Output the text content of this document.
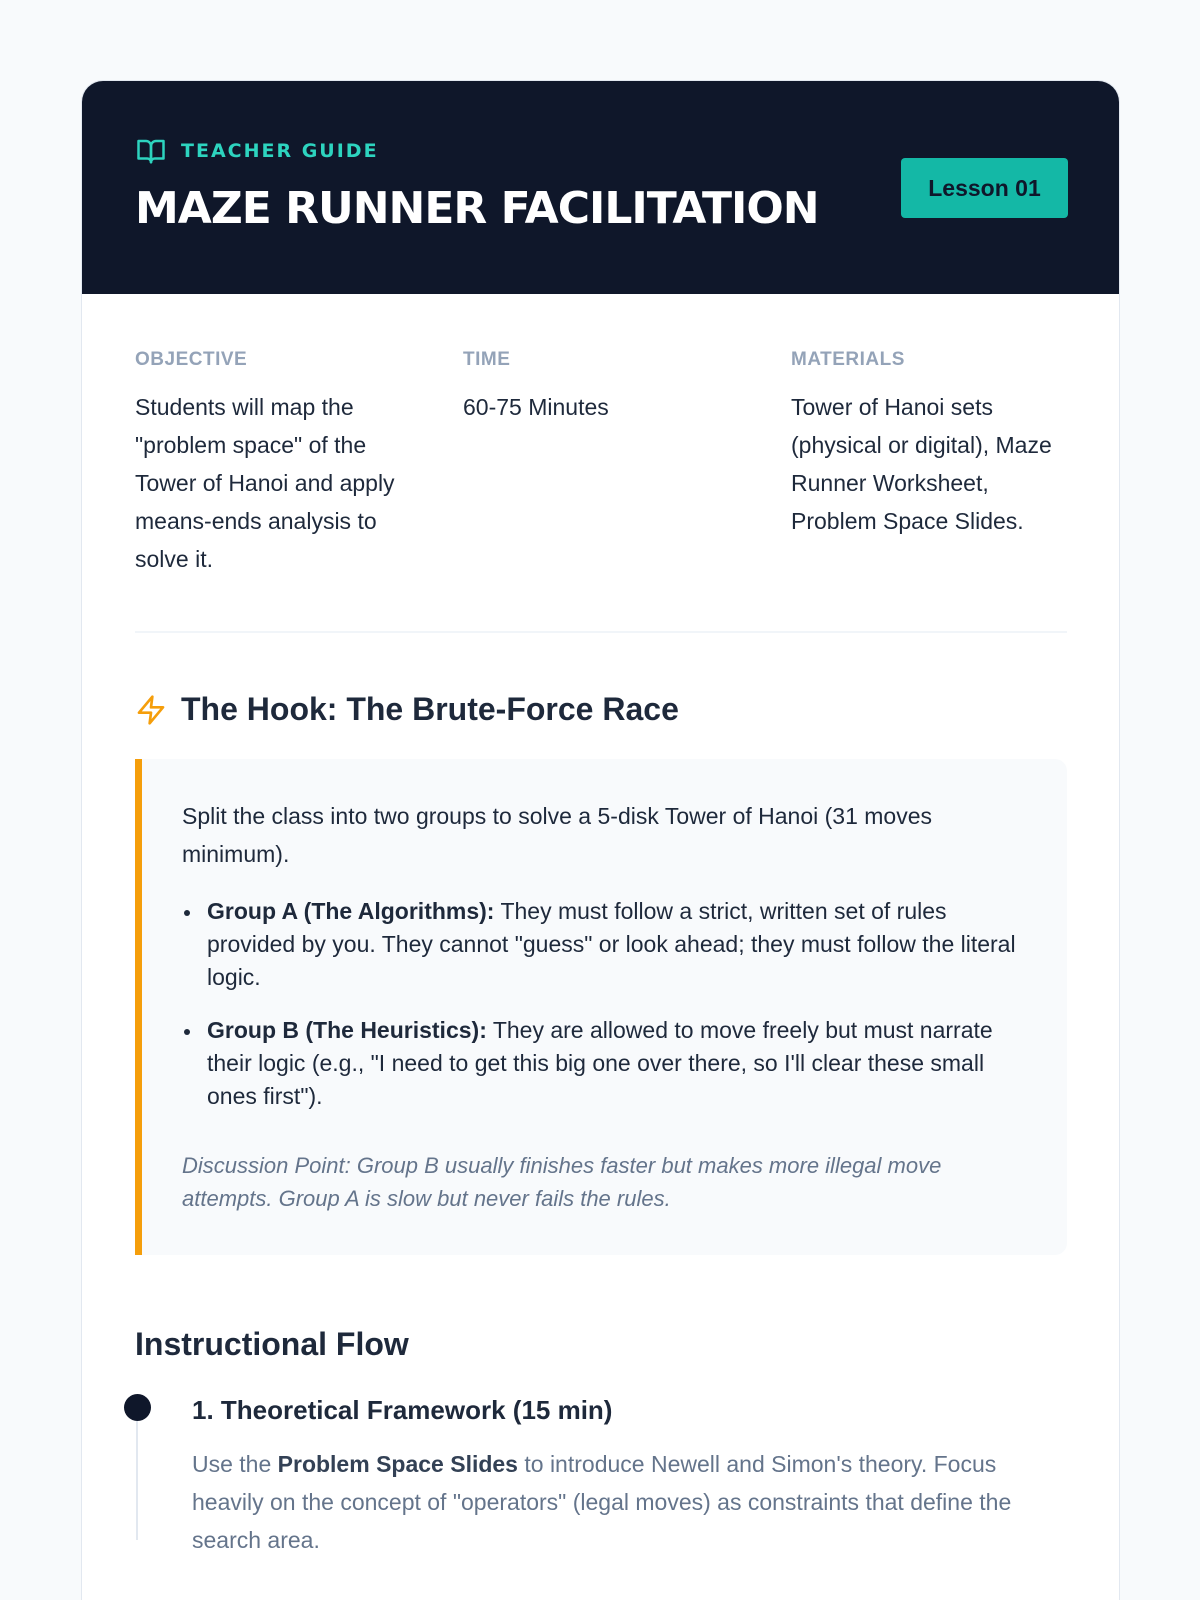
TEACHER GUIDE
MAZE RUNNER FACILITATION	Lesson 01
OBJECTIVE
Students will map the "problem space" of the Tower of Hanoi and apply means-ends analysis to solve it.
TIME
60-75 Minutes
MATERIALS
Tower of Hanoi sets (physical or digital), Maze Runner Worksheet, Problem Space Slides.
The Hook: The Brute-Force Race

Split the class into two groups to solve a 5-disk Tower of Hanoi (31 moves minimum).

Group A (The Algorithms): They must follow a strict, written set of rules provided by you. They cannot "guess" or look ahead; they must follow the literal logic.
Group B (The Heuristics): They are allowed to move freely but must narrate their logic (e.g., "I need to get this big one over there, so I'll clear these small ones first").

Discussion Point: Group B usually finishes faster but makes more illegal move attempts. Group A is slow but never fails the rules.

Instructional Flow
1. Theoretical Framework (15 min)

Use the Problem Space Slides to introduce Newell and Simon's theory. Focus heavily on the concept of "operators" (legal moves) as constraints that define the search area.
